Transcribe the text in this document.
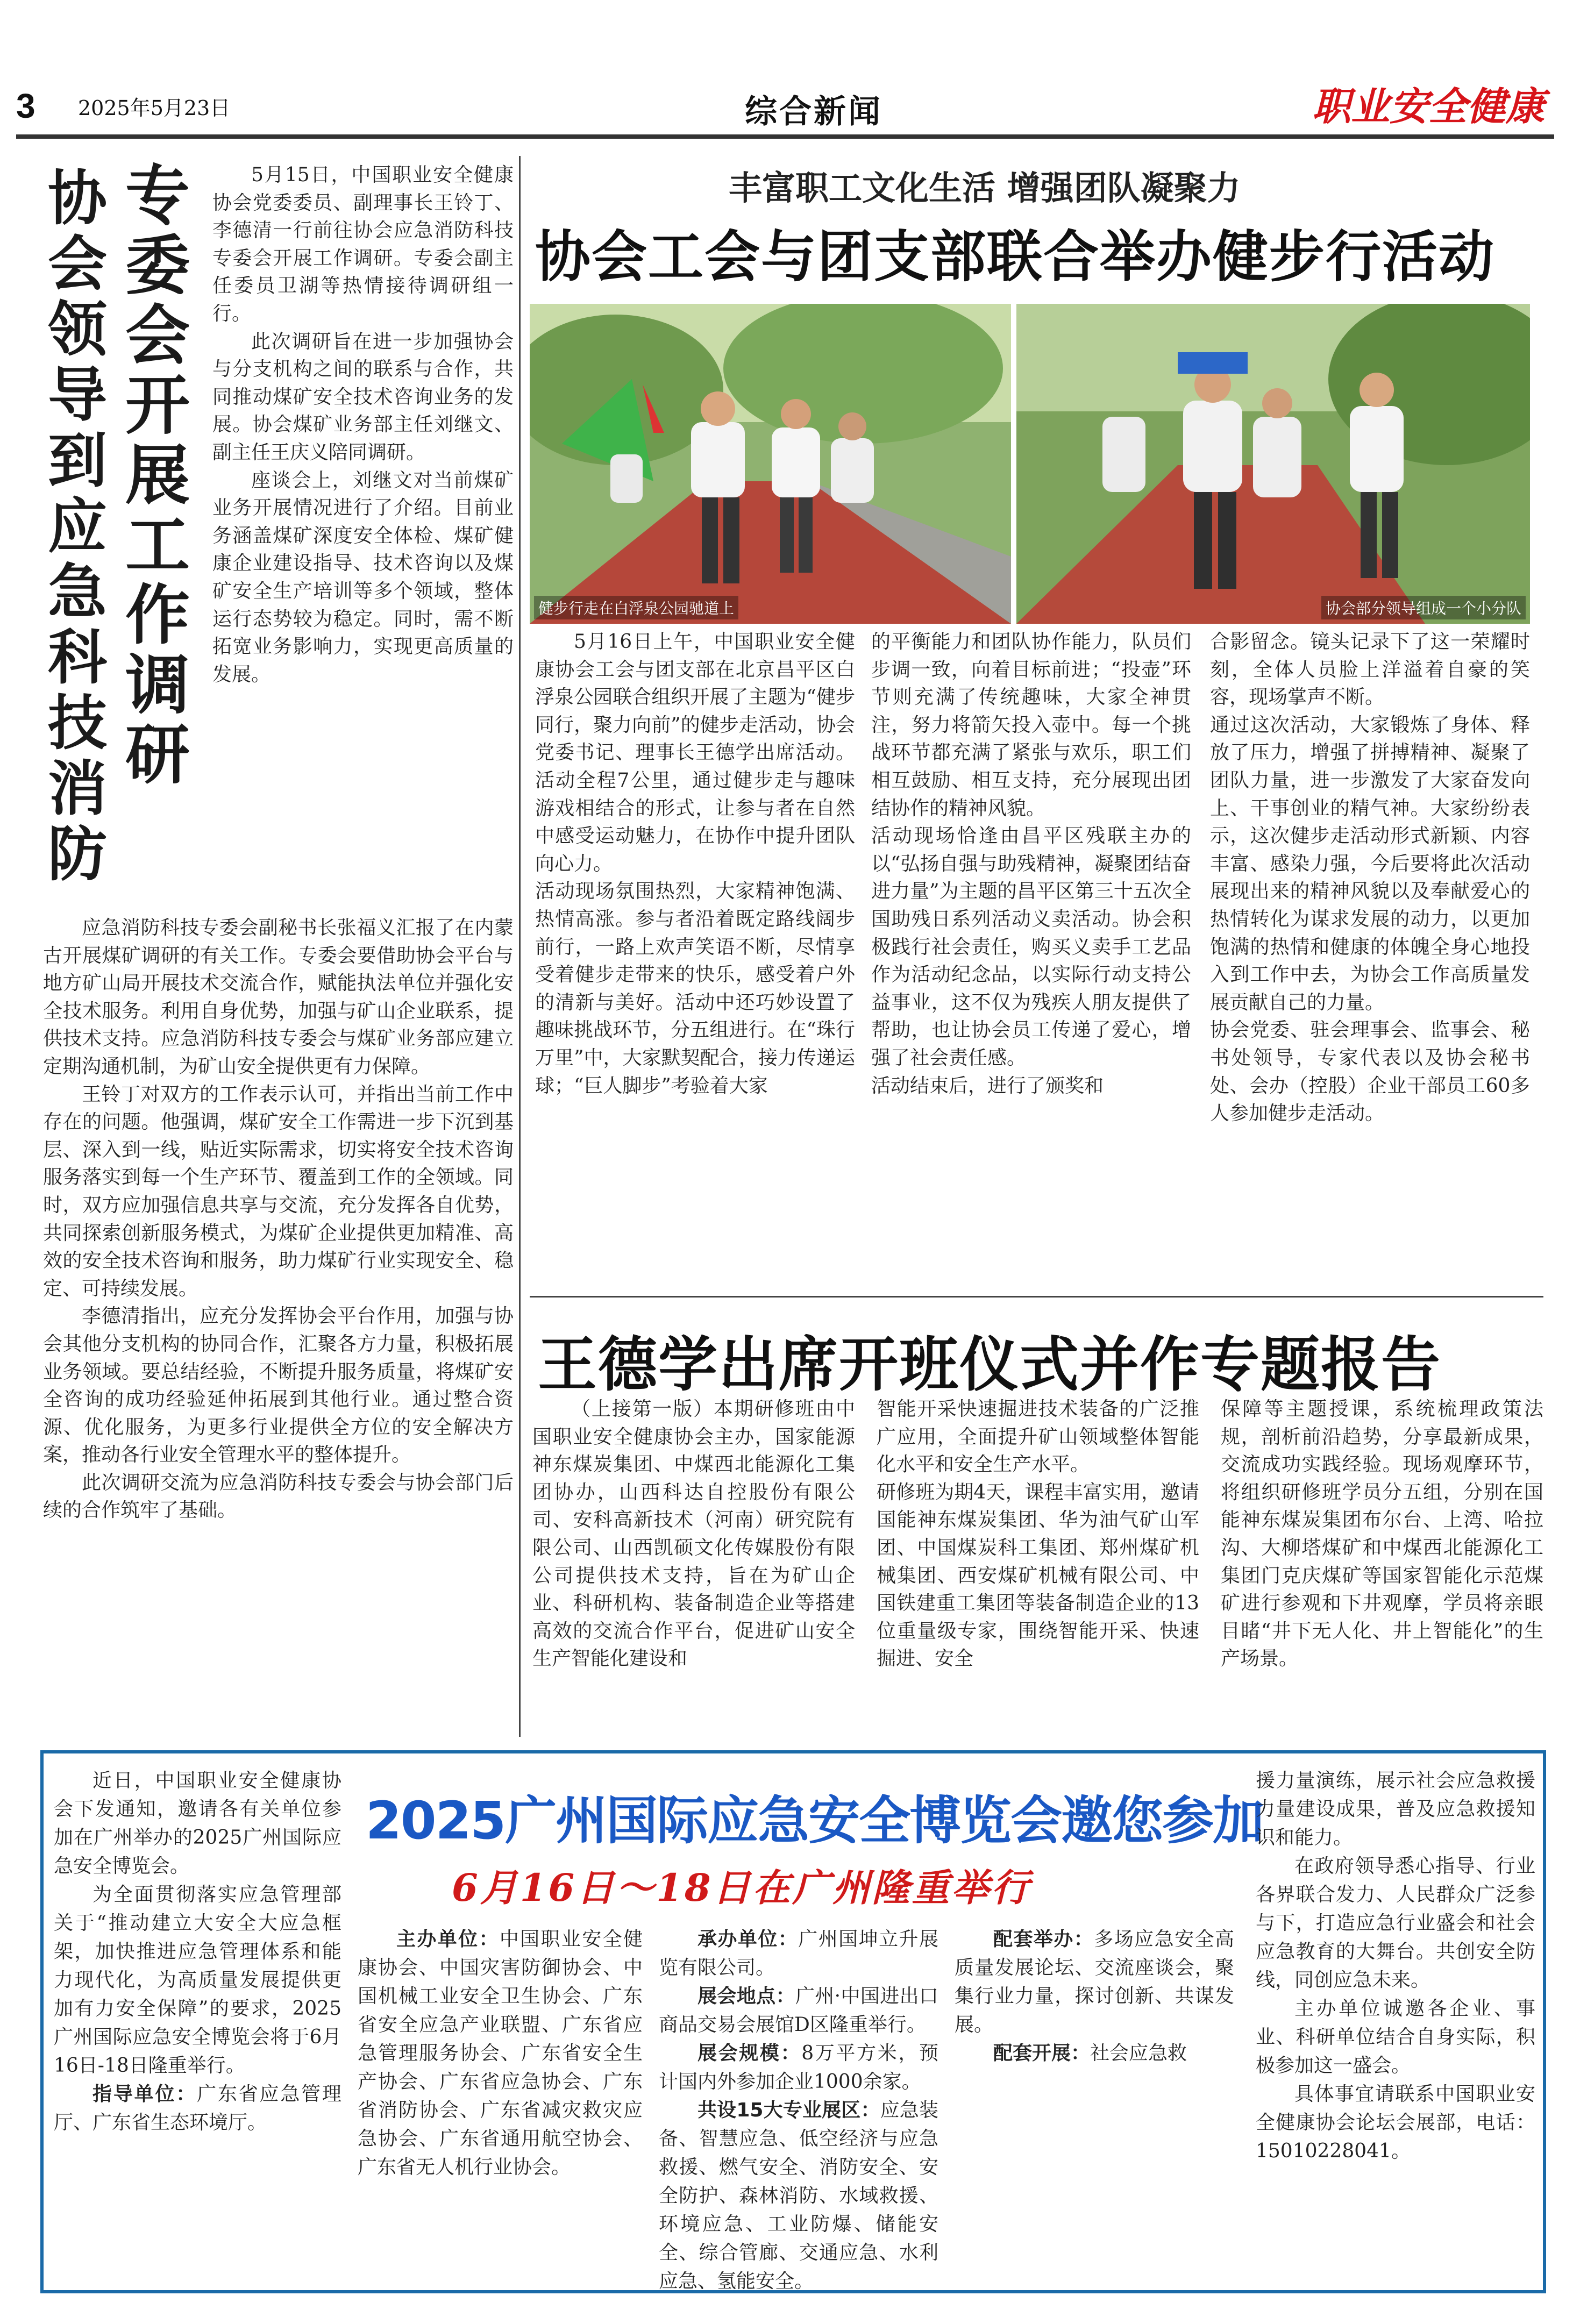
3 2025年5月23日	综合新闻	职业安全健康
专委会开展工作调研
协会领导到应急科技消防	5月15日，中国职业安全健康协会党委委员、副理事长王铃丁、李德清一行前往协会应急消防科技专委会开展工作调研。专委会副主任委员卫湖等热情接待调研组一行。

此次调研旨在进一步加强协会与分支机构之间的联系与合作，共同推动煤矿安全技术咨询业务的发展。协会煤矿业务部主任刘继文、副主任王庆义陪同调研。

座谈会上，刘继文对当前煤矿业务开展情况进行了介绍。目前业务涵盖煤矿深度安全体检、煤矿健康企业建设指导、技术咨询以及煤矿安全生产培训等多个领域，整体运行态势较为稳定。同时，需不断拓宽业务影响力，实现更高质量的发展。

应急消防科技专委会副秘书长张福义汇报了在内蒙古开展煤矿调研的有关工作。专委会要借助协会平台与地方矿山局开展技术交流合作，赋能执法单位并强化安全技术服务。利用自身优势，加强与矿山企业联系，提供技术支持。应急消防科技专委会与煤矿业务部应建立定期沟通机制，为矿山安全提供更有力保障。

王铃丁对双方的工作表示认可，并指出当前工作中存在的问题。他强调，煤矿安全工作需进一步下沉到基层、深入到一线，贴近实际需求，切实将安全技术咨询服务落实到每一个生产环节、覆盖到工作的全领域。同时，双方应加强信息共享与交流，充分发挥各自优势，共同探索创新服务模式，为煤矿企业提供更加精准、高效的安全技术咨询和服务，助力煤矿行业实现安全、稳定、可持续发展。

李德清指出，应充分发挥协会平台作用，加强与协会其他分支机构的协同合作，汇聚各方力量，积极拓展业务领域。要总结经验，不断提升服务质量，将煤矿安全咨询的成功经验延伸拓展到其他行业。通过整合资源、优化服务，为更多行业提供全方位的安全解决方案，推动各行业安全管理水平的整体提升。

此次调研交流为应急消防科技专委会与协会部门后续的合作筑牢了基础。

丰富职工文化生活 增强团队凝聚力
协会工会与团支部联合举办健步行活动
健步行走在白浮泉公园驰道上	协会部分领导组成一个小分队

5月16日上午，中国职业安全健康协会工会与团支部在北京昌平区白浮泉公园联合组织开展了主题为“健步同行，聚力向前”的健步走活动，协会党委书记、理事长王德学出席活动。活动全程7公里，通过健步走与趣味游戏相结合的形式，让参与者在自然中感受运动魅力，在协作中提升团队向心力。
活动现场氛围热烈，大家精神饱满、热情高涨。参与者沿着既定路线阔步前行，一路上欢声笑语不断，尽情享受着健步走带来的快乐，感受着户外的清新与美好。活动中还巧妙设置了趣味挑战环节，分五组进行。在“珠行万里”中，大家默契配合，接力传递运球；“巨人脚步”考验着大家

的平衡能力和团队协作能力，队员们步调一致，向着目标前进；“投壶”环节则充满了传统趣味，大家全神贯注，努力将箭矢投入壶中。每一个挑战环节都充满了紧张与欢乐，职工们相互鼓励、相互支持，充分展现出团结协作的精神风貌。
活动现场恰逢由昌平区残联主办的以“弘扬自强与助残精神，凝聚团结奋进力量”为主题的昌平区第三十五次全国助残日系列活动义卖活动。协会积极践行社会责任，购买义卖手工艺品作为活动纪念品，以实际行动支持公益事业，这不仅为残疾人朋友提供了帮助，也让协会员工传递了爱心，增强了社会责任感。
活动结束后，进行了颁奖和

合影留念。镜头记录下了这一荣耀时刻，全体人员脸上洋溢着自豪的笑容，现场掌声不断。
通过这次活动，大家锻炼了身体、释放了压力，增强了拼搏精神、凝聚了团队力量，进一步激发了大家奋发向上、干事创业的精气神。大家纷纷表示，这次健步走活动形式新颖、内容丰富、感染力强，今后要将此次活动展现出来的精神风貌以及奉献爱心的热情转化为谋求发展的动力，以更加饱满的热情和健康的体魄全身心地投入到工作中去，为协会工作高质量发展贡献自己的力量。
协会党委、驻会理事会、监事会、秘书处领导，专家代表以及协会秘书处、会办（控股）企业干部员工60多人参加健步走活动。

王德学出席开班仪式并作专题报告

（上接第一版）本期研修班由中国职业安全健康协会主办，国家能源神东煤炭集团、中煤西北能源化工集团协办，山西科达自控股份有限公司、安科高新技术（河南）研究院有限公司、山西凯硕文化传媒股份有限公司提供技术支持，旨在为矿山企业、科研机构、装备制造企业等搭建高效的交流合作平台，促进矿山安全生产智能化建设和

智能开采快速掘进技术装备的广泛推广应用，全面提升矿山领域整体智能化水平和安全生产水平。
研修班为期4天，课程丰富实用，邀请国能神东煤炭集团、华为油气矿山军团、中国煤炭科工集团、郑州煤矿机械集团、西安煤矿机械有限公司、中国铁建重工集团等装备制造企业的13位重量级专家，围绕智能开采、快速掘进、安全

保障等主题授课，系统梳理政策法规，剖析前沿趋势，分享最新成果，交流成功实践经验。现场观摩环节，将组织研修班学员分五组，分别在国能神东煤炭集团布尔台、上湾、哈拉沟、大柳塔煤矿和中煤西北能源化工集团门克庆煤矿等国家智能化示范煤矿进行参观和下井观摩，学员将亲眼目睹“井下无人化、井上智能化”的生产场景。

2025广州国际应急安全博览会邀您参加
6月16日～18日在广州隆重举行

近日，中国职业安全健康协会下发通知，邀请各有关单位参加在广州举办的2025广州国际应急安全博览会。

为全面贯彻落实应急管理部关于“推动建立大安全大应急框架，加快推进应急管理体系和能力现代化，为高质量发展提供更加有力安全保障”的要求，2025广州国际应急安全博览会将于6月16日-18日隆重举行。

指导单位：广东省应急管理厅、广东省生态环境厅。

主办单位：中国职业安全健康协会、中国灾害防御协会、中国机械工业安全卫生协会、广东省安全应急产业联盟、广东省应急管理服务协会、广东省安全生产协会、广东省应急协会、广东省消防协会、广东省减灾救灾应急协会、广东省通用航空协会、广东省无人机行业协会。

承办单位：广州国坤立升展览有限公司。

展会地点：广州·中国进出口商品交易会展馆D区隆重举行。

展会规模：8万平方米，预计国内外参加企业1000余家。

共设15大专业展区：应急装备、智慧应急、低空经济与应急救援、燃气安全、消防安全、安全防护、森林消防、水域救援、环境应急、工业防爆、储能安全、综合管廊、交通应急、水利应急、氢能安全。

配套举办：多场应急安全高质量发展论坛、交流座谈会，聚集行业力量，探讨创新、共谋发展。

配套开展：社会应急救

援力量演练，展示社会应急救援力量建设成果，普及应急救援知识和能力。

在政府领导悉心指导、行业各界联合发力、人民群众广泛参与下，打造应急行业盛会和社会应急教育的大舞台。共创安全防线，同创应急未来。

主办单位诚邀各企业、事业、科研单位结合自身实际，积极参加这一盛会。

具体事宜请联系中国职业安全健康协会论坛会展部，电话：15010228041。
